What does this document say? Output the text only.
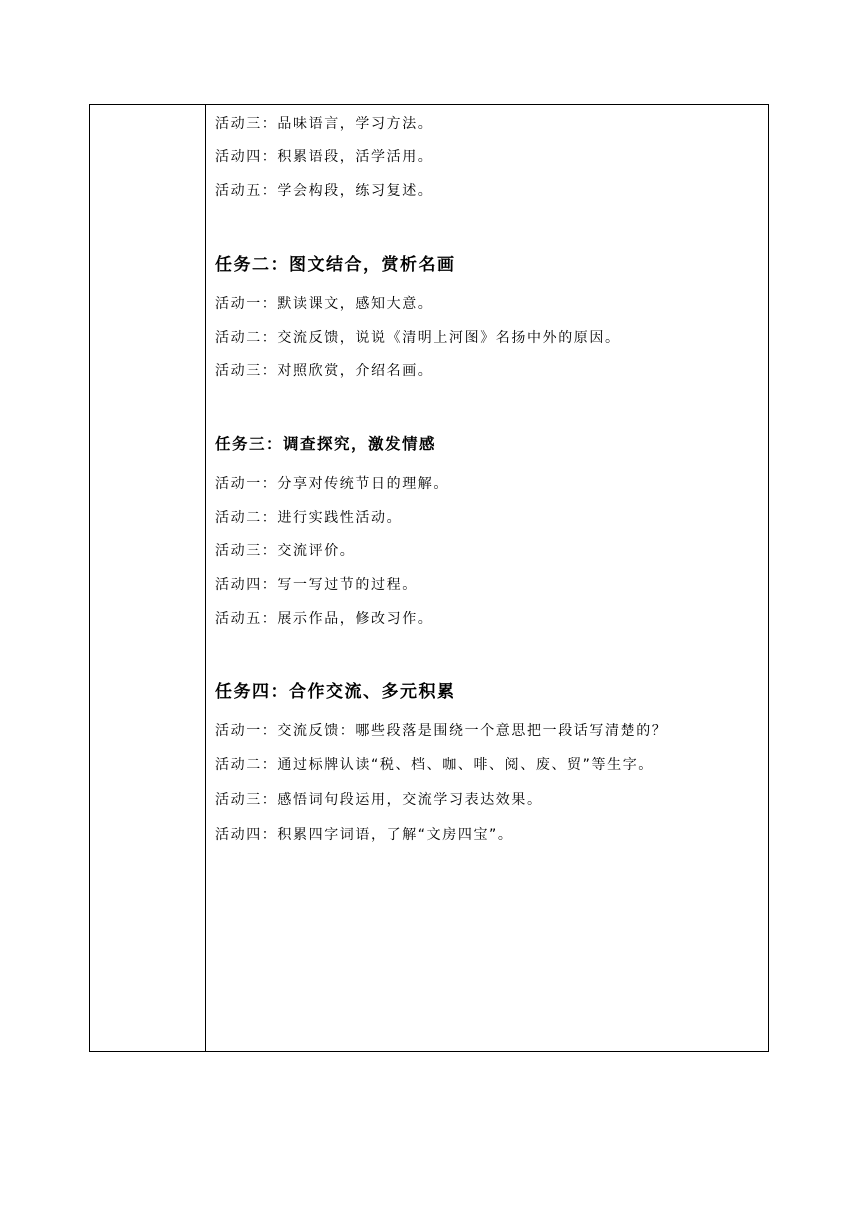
活动三：品味语言，学习方法。
活动四：积累语段，活学活用。
活动五：学会构段，练习复述。
任务二：图文结合，赏析名画
活动一：默读课文，感知大意。
活动二：交流反馈，说说《清明上河图》名扬中外的原因。
活动三：对照欣赏，介绍名画。
任务三：调查探究，激发情感
活动一：分享对传统节日的理解。
活动二：进行实践性活动。
活动三：交流评价。
活动四：写一写过节的过程。
活动五：展示作品，修改习作。
任务四：合作交流、多元积累
活动一：交流反馈：哪些段落是围绕一个意思把一段话写清楚的？
活动二：通过标牌认读“税、档、咖、啡、阅、废、贸”等生字。
活动三：感悟词句段运用，交流学习表达效果。
活动四：积累四字词语，了解“文房四宝”。
